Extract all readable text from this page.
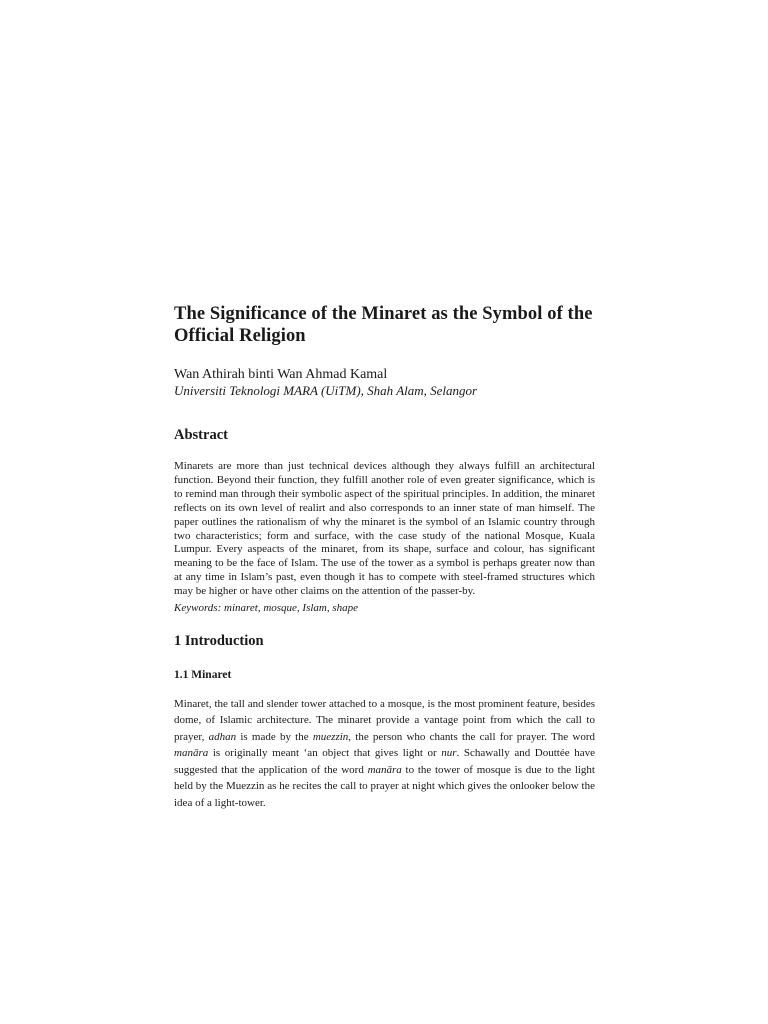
The Significance of the Minaret as the Symbol of the Official Religion

Wan Athirah binti Wan Ahmad Kamal

Universiti Teknologi MARA (UiTM), Shah Alam, Selangor

Abstract

Minarets are more than just technical devices although they always fulfill an architectural function. Beyond their function, they fulfill another role of even greater significance, which is to remind man through their symbolic aspect of the spiritual principles. In addition, the minaret reflects on its own level of realirt and also corresponds to an inner state of man himself. The paper outlines the rationalism of why the minaret is the symbol of an Islamic country through two characteristics; form and surface, with the case study of the national Mosque, Kuala Lumpur. Every aspeacts of the minaret, from its shape, surface and colour, has significant meaning to be the face of Islam. The use of the tower as a symbol is perhaps greater now than at any time in Islam’s past, even though it has to compete with steel-framed structures which may be higher or have other claims on the attention of the passer-by.

Keywords: minaret, mosque, Islam, shape

1 Introduction
1.1 Minaret

Minaret, the tall and slender tower attached to a mosque, is the most prominent feature, besides dome, of Islamic architecture. The minaret provide a vantage point from which the call to prayer, adhan is made by the muezzin, the person who chants the call for prayer. The word manāra is originally meant ‘an object that gives light or nur. Schawally and Douttée have suggested that the application of the word manāra to the tower of mosque is due to the light held by the Muezzin as he recites the call to prayer at night which gives the onlooker below the idea of a light-tower.
